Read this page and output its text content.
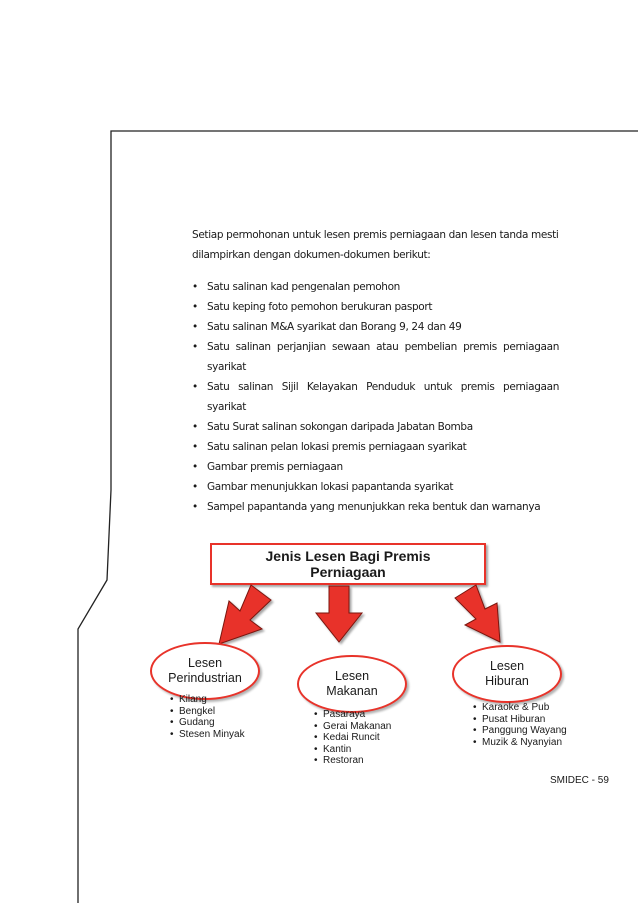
Setiap permohonan untuk lesen premis perniagaan dan lesen tanda mesti dilampirkan dengan dokumen-dokumen berikut:

• Satu salinan kad pengenalan pemohon
• Satu keping foto pemohon berukuran pasport
• Satu salinan M&A syarikat dan Borang 9, 24 dan 49
• Satu salinan perjanjian sewaan atau pembelian premis perniagaan syarikat
• Satu salinan Sijil Kelayakan Penduduk untuk premis perniagaan syarikat
• Satu Surat salinan sokongan daripada Jabatan Bomba
• Satu salinan pelan lokasi premis perniagaan syarikat
• Gambar premis perniagaan
• Gambar menunjukkan lokasi papantanda syarikat
• Sampel papantanda yang menunjukkan reka bentuk dan warnanya
Jenis Lesen Bagi Premis Perniagaan
Lesen
Perindustrian
• Kilang
• Bengkel
• Gudang
• Stesen Minyak
Lesen
Makanan
• Pasaraya
• Gerai Makanan
• Kedai Runcit
• Kantin
• Restoran
Lesen
Hiburan
• Karaoke & Pub
• Pusat Hiburan
• Panggung Wayang
• Muzik & Nyanyian
SMIDEC - 59
